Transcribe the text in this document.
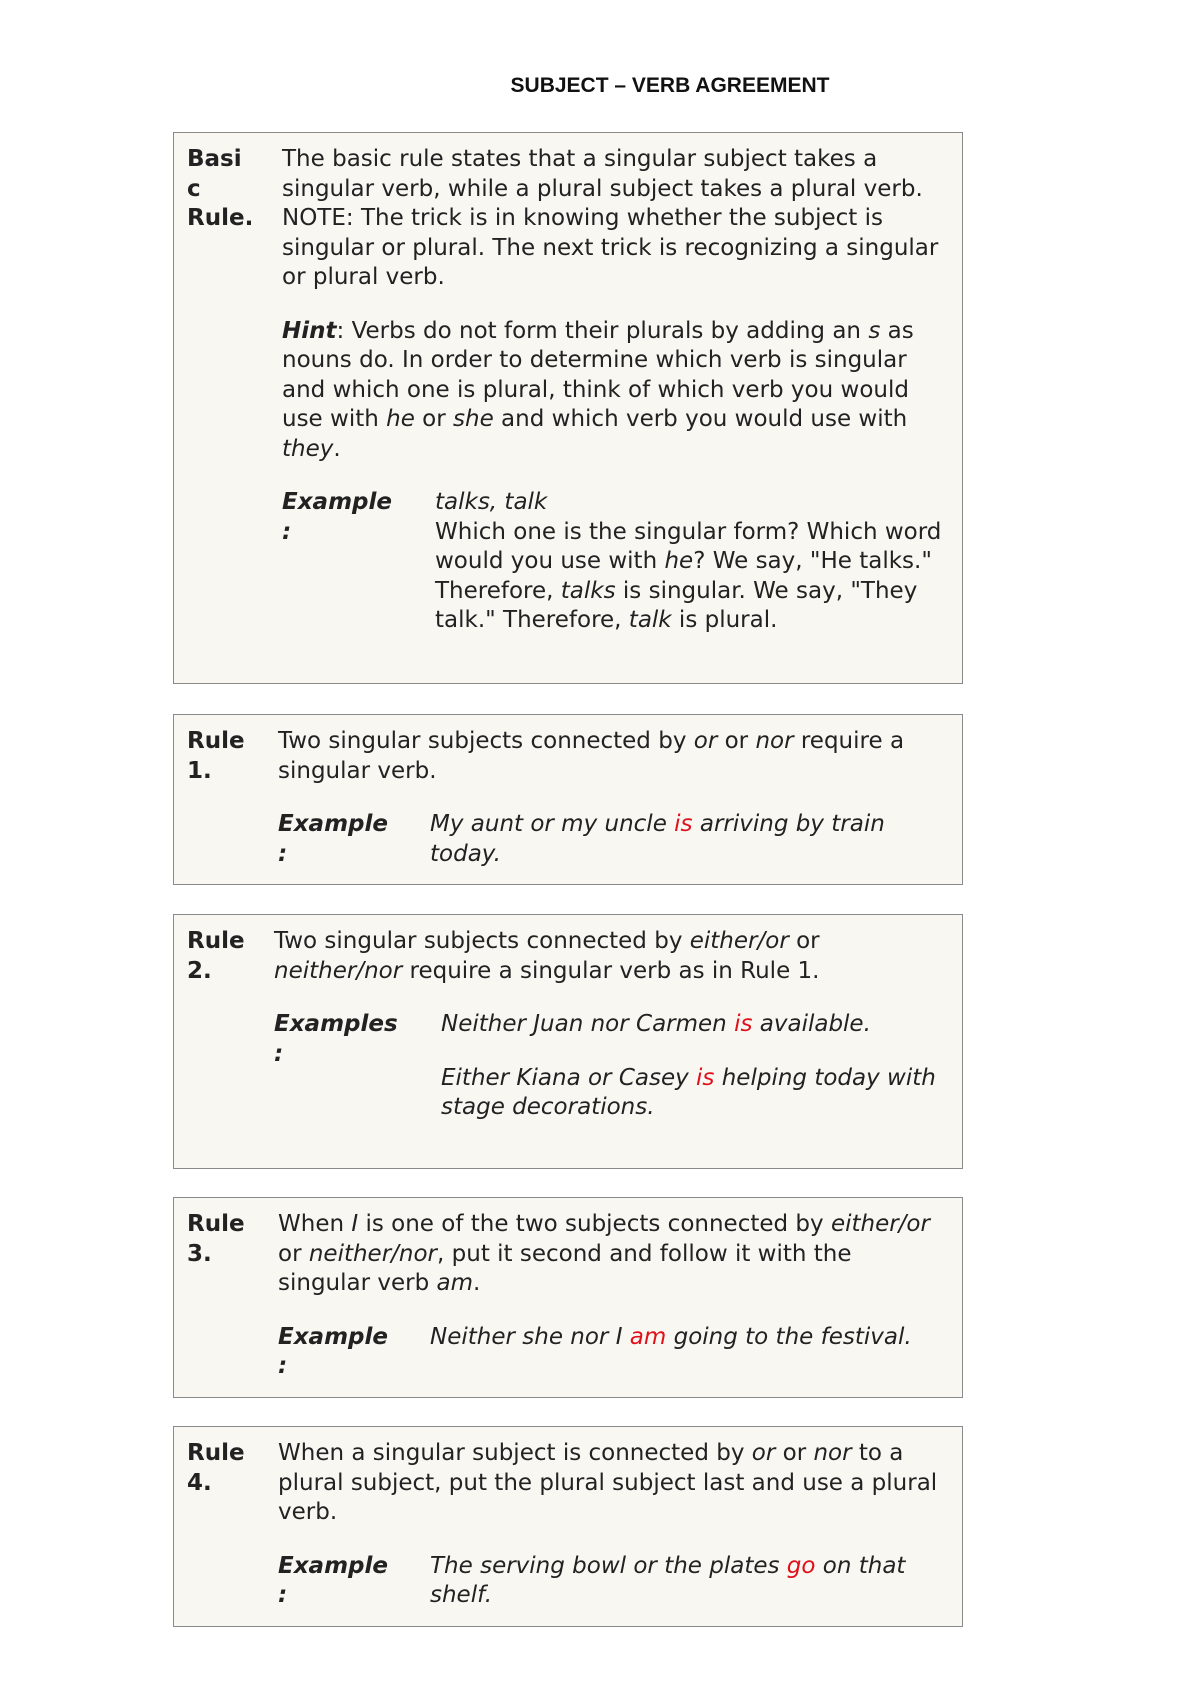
SUBJECT – VERB AGREEMENT
Basi
c
Rule.

The basic rule states that a singular subject takes a singular verb, while a plural subject takes a plural verb.

NOTE: The trick is in knowing whether the subject is singular or plural. The next trick is recognizing a singular or plural verb.

Hint: Verbs do not form their plurals by adding an s as nouns do. In order to determine which verb is singular and which one is plural, think of which verb you would use with he or she and which verb you would use with they.

Example
:
talks, talk
Which one is the singular form? Which word would you use with he? We say, "He talks." Therefore, talks is singular. We say, "They talk." Therefore, talk is plural.
Rule
1.

Two singular subjects connected by or or nor require a singular verb.

Example
:
My aunt or my uncle is arriving by train today.
Rule
2.

Two singular subjects connected by either/or or neither/nor require a singular verb as in Rule 1.

Examples
:
Neither Juan nor Carmen is available.
Either Kiana or Casey is helping today with stage decorations.
Rule
3.

When I is one of the two subjects connected by either/or or neither/nor, put it second and follow it with the singular verb am.

Example
:
Neither she nor I am going to the festival.
Rule
4.

When a singular subject is connected by or or nor to a plural subject, put the plural subject last and use a plural verb.

Example
:
The serving bowl or the plates go on that shelf.
